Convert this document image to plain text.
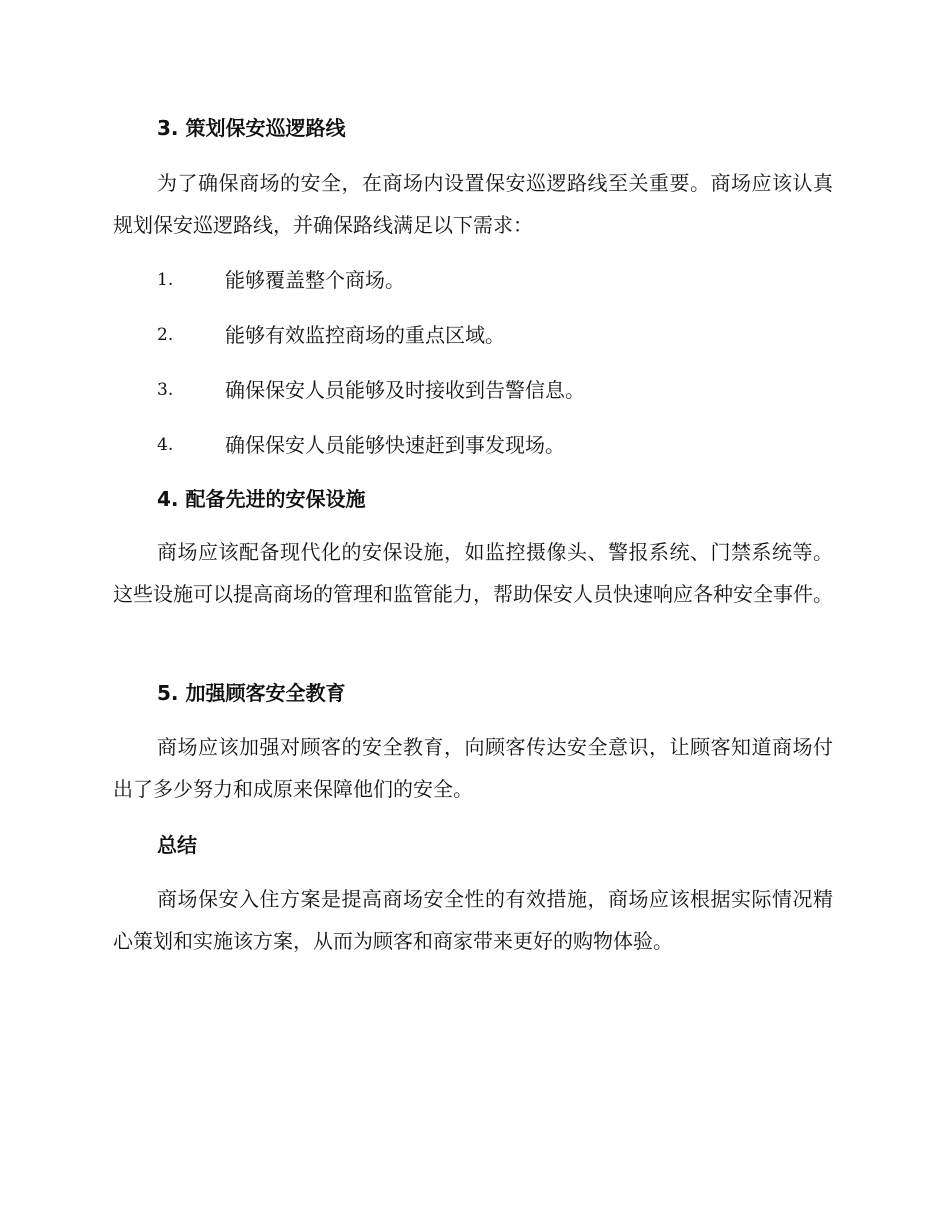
3. 策划保安巡逻路线

为了确保商场的安全，在商场内设置保安巡逻路线至关重要。商场应该认真规划保安巡逻路线，并确保路线满足以下需求：

1.	能够覆盖整个商场。
2.	能够有效监控商场的重点区域。
3.	确保保安人员能够及时接收到告警信息。
4.	确保保安人员能够快速赶到事发现场。
4. 配备先进的安保设施

商场应该配备现代化的安保设施，如监控摄像头、警报系统、门禁系统等。这些设施可以提高商场的管理和监管能力，帮助保安人员快速响应各种安全事件。

5. 加强顾客安全教育

商场应该加强对顾客的安全教育，向顾客传达安全意识，让顾客知道商场付出了多少努力和成原来保障他们的安全。

总结

商场保安入住方案是提高商场安全性的有效措施，商场应该根据实际情况精心策划和实施该方案，从而为顾客和商家带来更好的购物体验。
